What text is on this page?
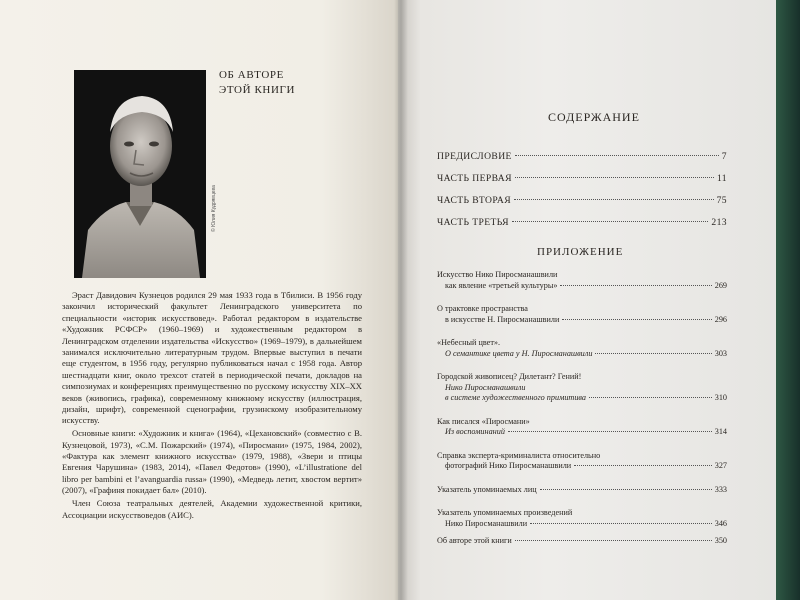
© Юлия Кудрявцева
ОБ АВТОРЕ
ЭТОЙ КНИГИ

Эраст Давидович Кузнецов родился 29 мая 1933 года в Тбилиси. В 1956 году закончил исторический факультет Ленинградского университета по специальности «историк искусствовед». Работал редактором в издательстве «Художник РСФСР» (1960–1969) и художественным редактором в Ленинградском отделении издательства «Искусство» (1969–1979), в дальнейшем занимался исключительно литературным трудом. Впервые выступил в печати еще студентом, в 1956 году, регулярно публиковаться начал с 1958 года. Автор шестнадцати книг, около трехсот статей в периодической печати, докладов на симпозиумах и конференциях преимущественно по русскому искусству XIX–XX веков (живопись, графика), современному книжному искусству (иллюстрация, дизайн, шрифт), современной сценографии, грузинскому изобразительному искусству.

Основные книги: «Художник и книга» (1964), «Цехановский» (совместно с В. Кузнецовой, 1973), «С.М. Пожарский» (1974), «Пиросмани» (1975, 1984, 2002), «Фактура как элемент книжного искусства» (1979, 1988), «Звери и птицы Евгения Чарушина» (1983, 2014), «Павел Федотов» (1990), «L’illustratione del libro per bambini et l’avanguardia russa» (1990), «Медведь летит, хвостом вертит» (2007), «Графиня покидает бал» (2010).

Член Союза театральных деятелей, Академии художественной критики, Ассоциации искусствоведов (АИС).

СОДЕРЖАНИЕ
ПРЕДИСЛОВИЕ	7
ЧАСТЬ ПЕРВАЯ	11
ЧАСТЬ ВТОРАЯ	75
ЧАСТЬ ТРЕТЬЯ	213
ПРИЛОЖЕНИЕ
Искусство Нико Пиросманашвили
как явление «третьей культуры»	269
О трактовке пространства
в искусстве Н. Пиросманашвили	296
«Небесный цвет».
О семантике цвета у Н. Пиросманашвили	303
Городской живописец? Дилетант? Гений!
Нико Пиросманашвили
в системе художественного примитива	310
Как писался «Пиросмани»
Из воспоминаний	314
Справка эксперта-криминалиста относительно
фотографий Нико Пиросманашвили	327
Указатель упоминаемых лиц	333
Указатель упоминаемых произведений
Нико Пиросманашвили	346
Об авторе этой книги	350
